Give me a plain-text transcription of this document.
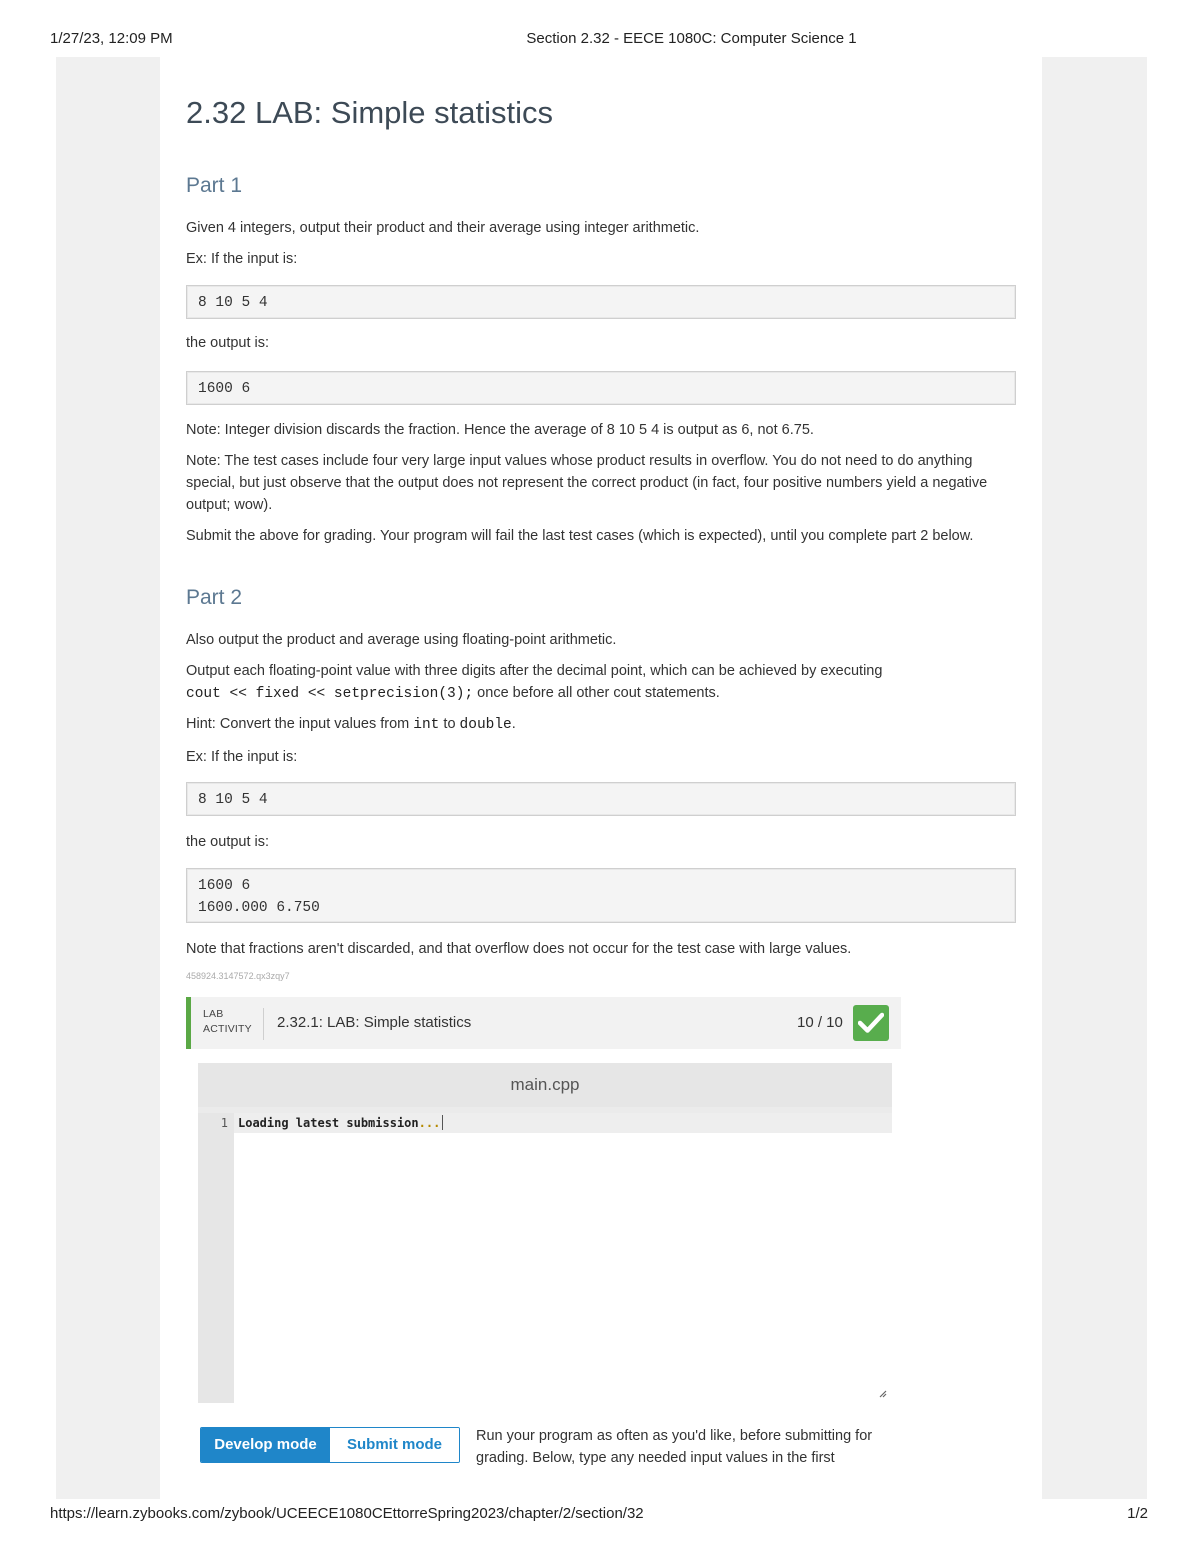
1/27/23, 12:09 PM	Section 2.32 - EECE 1080C: Computer Science 1
2.32 LAB: Simple statistics
Part 1

Given 4 integers, output their product and their average using integer arithmetic.

Ex: If the input is:

8 10 5 4

the output is:

1600 6

Note: Integer division discards the fraction. Hence the average of 8 10 5 4 is output as 6, not 6.75.

Note: The test cases include four very large input values whose product results in overflow. You do not need to do anything special, but just observe that the output does not represent the correct product (in fact, four positive numbers yield a negative output; wow).

Submit the above for grading. Your program will fail the last test cases (which is expected), until you complete part 2 below.

Part 2

Also output the product and average using floating-point arithmetic.

Output each floating-point value with three digits after the decimal point, which can be achieved by executing
cout << fixed << setprecision(3); once before all other cout statements.

Hint: Convert the input values from int to double.

Ex: If the input is:

8 10 5 4

the output is:

1600 6
1600.000 6.750

Note that fractions aren't discarded, and that overflow does not occur for the test case with large values.

458924.3147572.qx3zqy7
LAB
ACTIVITY 2.32.1: LAB: Simple statistics	10 / 10
main.cpp
1 Loading latest submission...
Develop mode	Submit mode	Run your program as often as you'd like, before submitting for grading. Below, type any needed input values in the first
https://learn.zybooks.com/zybook/UCEECE1080CEttorreSpring2023/chapter/2/section/32	1/2
